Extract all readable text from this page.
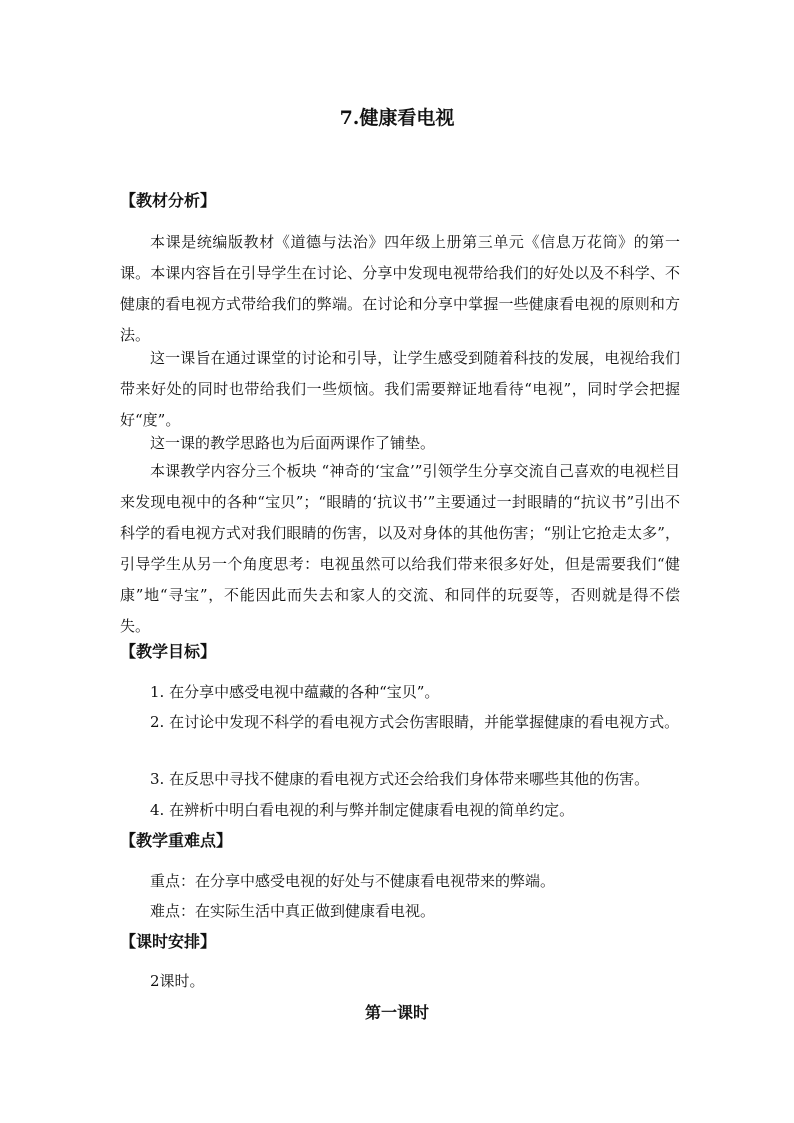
7.健康看电视
【教材分析】
本课是统编版教材《道德与法治》四年级上册第三单元《信息万花筒》的第一课。本课内容旨在引导学生在讨论、分享中发现电视带给我们的好处以及不科学、不健康的看电视方式带给我们的弊端。在讨论和分享中掌握一些健康看电视的原则和方法。
这一课旨在通过课堂的讨论和引导，让学生感受到随着科技的发展，电视给我们带来好处的同时也带给我们一些烦恼。我们需要辩证地看待“电视”，同时学会把握好“度”。
这一课的教学思路也为后面两课作了铺垫。
本课教学内容分三个板块 “神奇的‘宝盒’”引领学生分享交流自己喜欢的电视栏目来发现电视中的各种“宝贝”；“眼睛的‘抗议书’”主要通过一封眼睛的“抗议书”引出不科学的看电视方式对我们眼睛的伤害，以及对身体的其他伤害；“别让它抢走太多”，引导学生从另一个角度思考：电视虽然可以给我们带来很多好处，但是需要我们“健康”地“寻宝”，不能因此而失去和家人的交流、和同伴的玩耍等，否则就是得不偿失。
【教学目标】
1. 在分享中感受电视中蕴藏的各种“宝贝”。
2. 在讨论中发现不科学的看电视方式会伤害眼睛，并能掌握健康的看电视方式。
3. 在反思中寻找不健康的看电视方式还会给我们身体带来哪些其他的伤害。
4. 在辨析中明白看电视的利与弊并制定健康看电视的简单约定。
【教学重难点】
重点：在分享中感受电视的好处与不健康看电视带来的弊端。
难点：在实际生活中真正做到健康看电视。
【课时安排】
2课时。
第一课时
